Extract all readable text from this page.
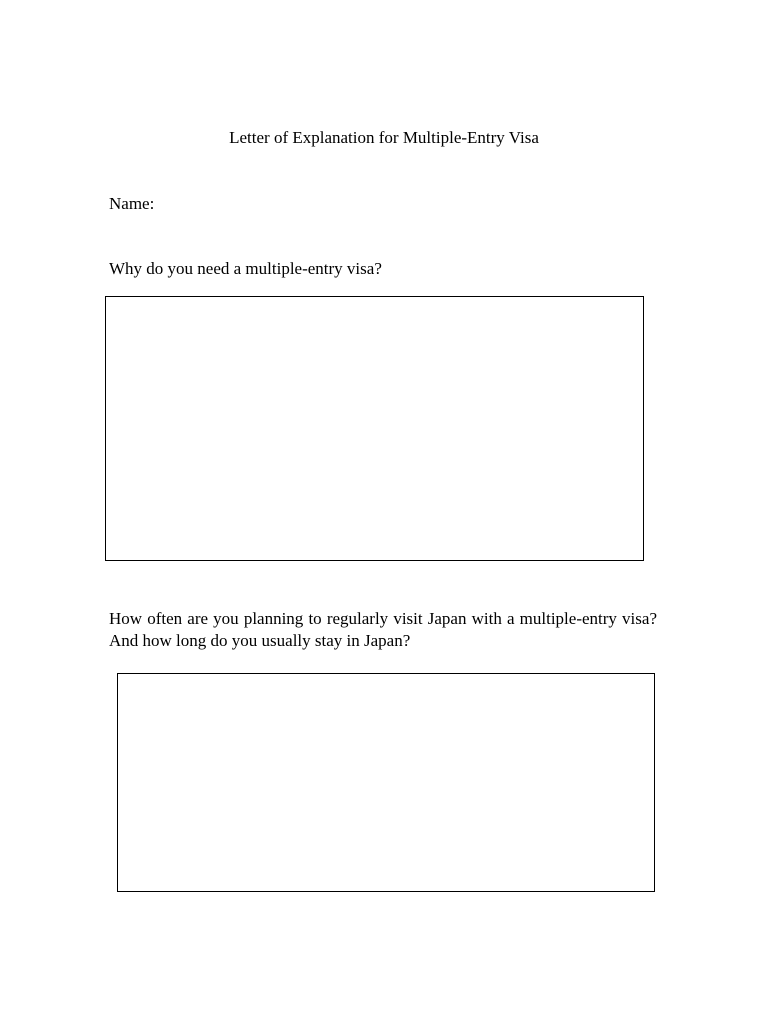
Letter of Explanation for Multiple-Entry Visa
Name:
Why do you need a multiple-entry visa?
How often are you planning to regularly visit Japan with a multiple-entry visa? And how long do you usually stay in Japan?
